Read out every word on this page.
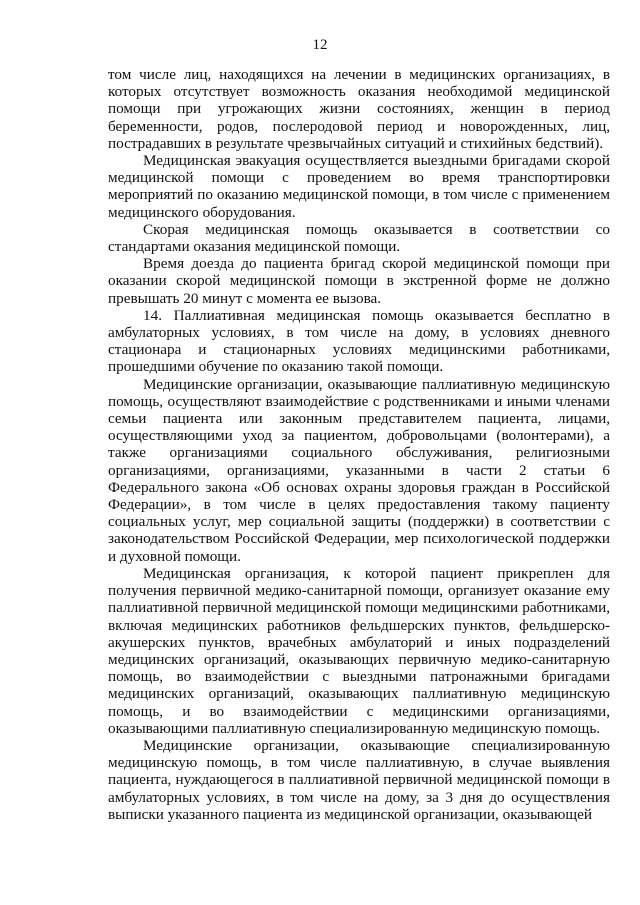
12

том числе лиц, находящихся на лечении в медицинских организациях, в которых отсутствует возможность оказания необходимой медицинской помощи при угрожающих жизни состояниях, женщин в период беременности, родов, послеродовой период и новорожденных, лиц, пострадавших в результате чрезвычайных ситуаций и стихийных бедствий).

Медицинская эвакуация осуществляется выездными бригадами скорой медицинской помощи с проведением во время транспортировки мероприятий по оказанию медицинской помощи, в том числе с применением медицинского оборудования.

Скорая медицинская помощь оказывается в соответствии со стандартами оказания медицинской помощи.

Время доезда до пациента бригад скорой медицинской помощи при оказании скорой медицинской помощи в экстренной форме не должно превышать 20 минут с момента ее вызова.

14. Паллиативная медицинская помощь оказывается бесплатно в амбулаторных условиях, в том числе на дому, в условиях дневного стационара и стационарных условиях медицинскими работниками, прошедшими обучение по оказанию такой помощи.

Медицинские организации, оказывающие паллиативную медицинскую помощь, осуществляют взаимодействие с родственниками и иными членами семьи пациента или законным представителем пациента, лицами, осуществляющими уход за пациентом, добровольцами (волонтерами), а также организациями социального обслуживания, религиозными организациями, организациями, указанными в части 2 статьи 6 Федерального закона «Об основах охраны здоровья граждан в Российской Федерации», в том числе в целях предоставления такому пациенту социальных услуг, мер социальной защиты (поддержки) в соответствии с законодательством Российской Федерации, мер психологической поддержки и духовной помощи.

Медицинская организация, к которой пациент прикреплен для получения первичной медико-санитарной помощи, организует оказание ему паллиативной первичной медицинской помощи медицинскими работниками, включая медицинских работников фельдшерских пунктов, фельдшерско-акушерских пунктов, врачебных амбулаторий и иных подразделений медицинских организаций, оказывающих первичную медико-санитарную помощь, во взаимодействии с выездными патронажными бригадами медицинских организаций, оказывающих паллиативную медицинскую помощь, и во взаимодействии с медицинскими организациями, оказывающими паллиативную специализированную медицинскую помощь.

Медицинские организации, оказывающие специализированную медицинскую помощь, в том числе паллиативную, в случае выявления пациента, нуждающегося в паллиативной первичной медицинской помощи в амбулаторных условиях, в том числе на дому, за 3 дня до осуществления выписки указанного пациента из медицинской организации, оказывающей
